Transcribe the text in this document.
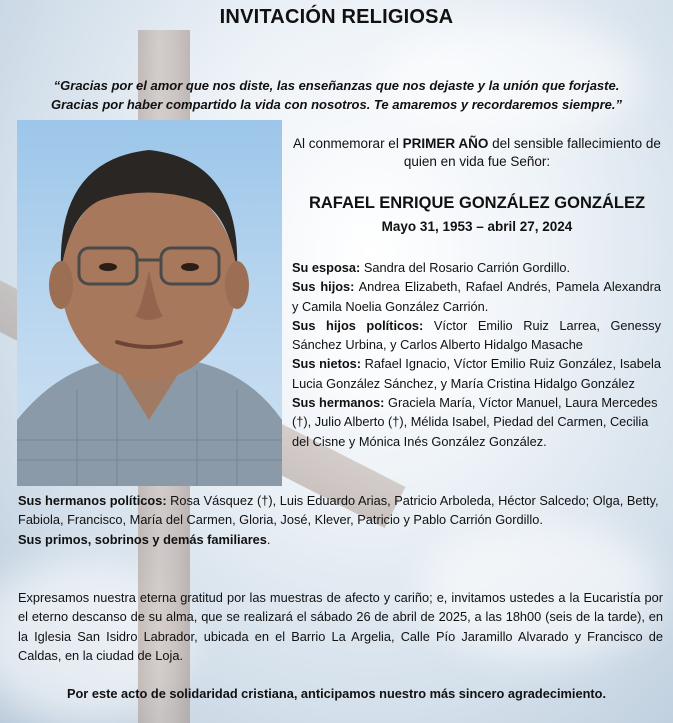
INVITACIÓN RELIGIOSA
“Gracias por el amor que nos diste, las enseñanzas que nos dejaste y la unión que forjaste.
Gracias por haber compartido la vida con nosotros. Te amaremos y recordaremos siempre.”
Al conmemorar el PRIMER AÑO del sensible fallecimiento de quien en vida fue Señor:
RAFAEL ENRIQUE GONZÁLEZ GONZÁLEZ
Mayo 31, 1953 – abril 27, 2024

Su esposa: Sandra del Rosario Carrión Gordillo.

Sus hijos: Andrea Elizabeth, Rafael Andrés, Pamela Alexandra y Camila Noelia González Carrión.

Sus hijos políticos: Víctor Emilio Ruiz Larrea, Genessy Sánchez Urbina, y Carlos Alberto Hidalgo Masache

Sus nietos: Rafael Ignacio, Víctor Emilio Ruiz González, Isabela Lucia González Sánchez, y María Cristina Hidalgo González

Sus hermanos: Graciela María, Víctor Manuel, Laura Mercedes (†), Julio Alberto (†), Mélida Isabel, Piedad del Carmen, Cecilia del Cisne y Mónica Inés González González.

Sus hermanos políticos: Rosa Vásquez (†), Luis Eduardo Arias, Patricio Arboleda, Héctor Salcedo; Olga, Betty, Fabiola, Francisco, María del Carmen, Gloria, José, Klever, Patricio y Pablo Carrión Gordillo.

Sus primos, sobrinos y demás familiares.

Expresamos nuestra eterna gratitud por las muestras de afecto y cariño; e, invitamos ustedes a la Eucaristía por el eterno descanso de su alma, que se realizará el sábado 26 de abril de 2025, a las 18h00 (seis de la tarde), en la Iglesia San Isidro Labrador, ubicada en el Barrio La Argelia, Calle Pío Jaramillo Alvarado y Francisco de Caldas, en la ciudad de Loja.

Por este acto de solidaridad cristiana, anticipamos nuestro más sincero agradecimiento.
